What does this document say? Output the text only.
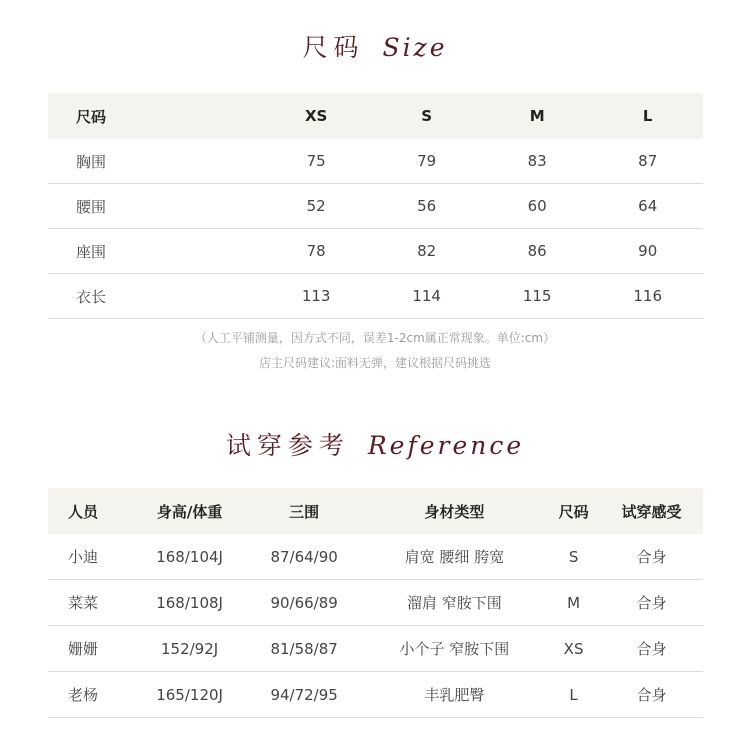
尺码 Size
尺码	XS	S	M	L
胸围	75	79	83	87
腰围	52	56	60	64
座围	78	82	86	90
衣长	113	114	115	116
（人工平铺测量，因方式不同，误差1-2cm属正常现象。单位:cm）
店主尺码建议:面料无弹，建议根据尺码挑选
试穿参考 Reference
人员	身高/体重	三围	身材类型	尺码	试穿感受
小迪	168/104J	87/64/90	肩宽 腰细 胯宽	S	合身
菜菜	168/108J	90/66/89	溜肩 窄胺下围	M	合身
姗姗	152/92J	81/58/87	小个子 窄胺下围	XS	合身
老杨	165/120J	94/72/95	丰乳肥臀	L	合身
